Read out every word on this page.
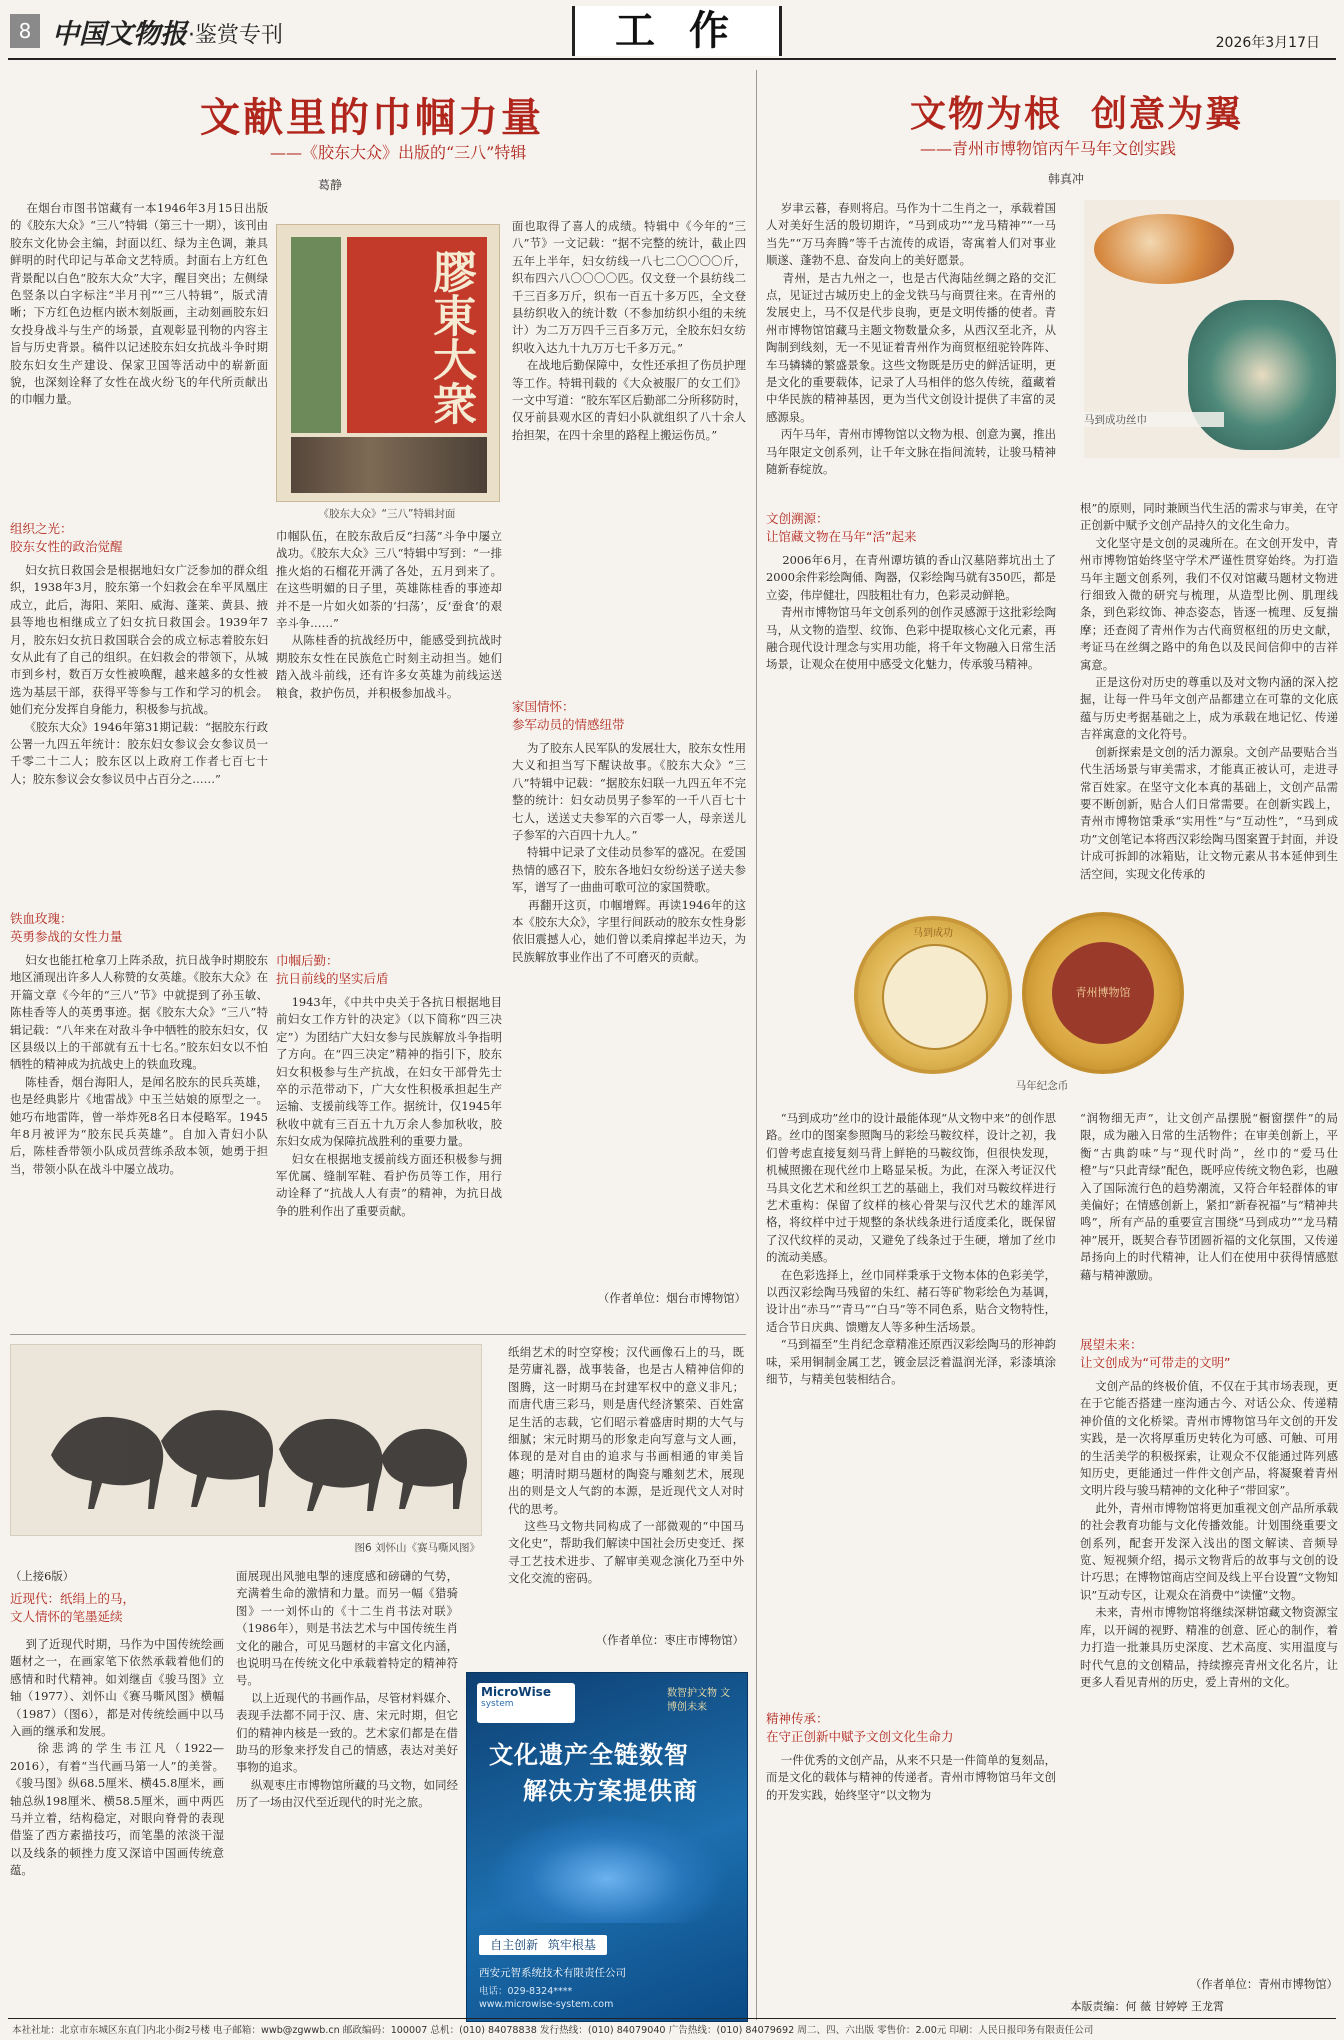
8 中国文物报 ·鉴赏专刊	工 作	2026年3月17日
文献里的巾帼力量
——《胶东大众》出版的“三八”特辑
葛静
在烟台市图书馆藏有一本1946年3月15日出版的《胶东大众》“三八”特辑（第三十一期），该刊由胶东文化协会主编，封面以红、绿为主色调，兼具鲜明的时代印记与革命文艺特质。封面右上方红色背景配以白色“胶东大众”大字，醒目突出；左侧绿色竖条以白字标注“半月刊”“三八特辑”，版式清晰；下方红色边框内嵌木刻版画，主动刻画胶东妇女投身战斗与生产的场景，直观彰显刊物的内容主旨与历史背景。稿件以记述胶东妇女抗战斗争时期胶东妇女生产建设、保家卫国等活动中的崭新面貌，也深刻诠释了女性在战火纷飞的年代所贡献出的巾帼力量。
组织之光：
胶东女性的政治觉醒
妇女抗日救国会是根据地妇女广泛参加的群众组织，1938年3月，胶东第一个妇救会在牟平凤凰庄成立，此后，海阳、莱阳、威海、蓬莱、黄县、掖县等地也相继成立了妇女抗日救国会。1939年7月，胶东妇女抗日救国联合会的成立标志着胶东妇女从此有了自己的组织。在妇救会的带领下，从城市到乡村，数百万女性被唤醒，越来越多的女性被选为基层干部，获得平等参与工作和学习的机会。她们充分发挥自身能力，积极参与抗战。
《胶东大众》1946年第31期记载：“据胶东行政公署一九四五年统计：胶东妇女参议会女参议员一千零二十二人；胶东区以上政府工作者七百七十人；胶东参议会女参议员中占百分之……”
铁血玫瑰：
英勇参战的女性力量
妇女也能扛枪拿刀上阵杀敌，抗日战争时期胶东地区涌现出许多人人称赞的女英雄。《胶东大众》在开篇文章《今年的“三八”节》中就提到了孙玉敏、陈桂香等人的英勇事迹。据《胶东大众》“三八”特辑记载：“八年来在对敌斗争中牺牲的胶东妇女，仅区县级以上的干部就有五十七名。”胶东妇女以不怕牺牲的精神成为抗战史上的铁血玫瑰。
陈桂香，烟台海阳人，是闻名胶东的民兵英雄，也是经典影片《地雷战》中玉兰姑娘的原型之一。她巧布地雷阵，曾一举炸死8名日本侵略军。1945年8月被评为“胶东民兵英雄”。自加入青妇小队后，陈桂香带领小队成员营练杀敌本领，她勇于担当，带领小队在战斗中屡立战功。
膠東大衆
《胶东大众》“三八”特辑封面
巾帼队伍，在胶东敌后反“扫荡”斗争中屡立战功。《胶东大众》三八“特辑中写到：“一排推火焰的石榴花开满了各处，五月到来了。在这些明媚的日子里，英雄陈桂香的事迹却并不是一片如火如荼的‘扫荡’，反‘蚕食’的艰辛斗争……”
从陈桂香的抗战经历中，能感受到抗战时期胶东女性在民族危亡时刻主动担当。她们踏入战斗前线，还有许多女英雄为前线运送粮食，救护伤员，并积极参加战斗。
巾帼后勤：
抗日前线的坚实后盾
1943年，《中共中央关于各抗日根据地目前妇女工作方针的决定》（以下简称“四三决定”）为团结广大妇女参与民族解放斗争指明了方向。在“四三决定”精神的指引下，胶东妇女积极参与生产抗战，在妇女干部骨先士卒的示范带动下，广大女性积极承担起生产运输、支援前线等工作。据统计，仅1945年秋收中就有三百五十九万余人参加秋收，胶东妇女成为保障抗战胜利的重要力量。
妇女在根据地支援前线方面还积极参与拥军优属、缝制军鞋、看护伤员等工作，用行动诠释了“抗战人人有责”的精神，为抗日战争的胜利作出了重要贡献。
面也取得了喜人的成绩。特辑中《今年的“三八”节》一文记载：“据不完整的统计，截止四五年上半年，妇女纺线一八七二〇〇〇〇斤，织布四六八〇〇〇〇匹。仅文登一个县纺线二千三百多万斤，织布一百五十多万匹，全文登县纺织收入的统计数（不参加纺织小组的未统计）为二万万四千三百多万元，全胶东妇女纺织收入达九十九万万七千多万元。”
在战地后勤保障中，女性还承担了伤员护理等工作。特辑刊载的《大众被服厂的女工们》一文中写道：“胶东军区后勤部二分所移防时，仅牙前县观水区的青妇小队就组织了八十余人抬担架，在四十余里的路程上搬运伤员。”
家国情怀：
参军动员的情感纽带
为了胶东人民军队的发展壮大，胶东女性用大义和担当写下醒诀故事。《胶东大众》“三八”特辑中记载：“据胶东妇联一九四五年不完整的统计：妇女动员男子参军的一千八百七十七人，送送丈夫参军的六百零一人，母亲送儿子参军的六百四十九人。”
特辑中记录了文佳动员参军的盛况。在爱国热情的感召下，胶东各地妇女纷纷送子送夫参军，谱写了一曲曲可歌可泣的家国赞歌。
再翻开这页，巾帼增辉。再读1946年的这本《胶东大众》，字里行间跃动的胶东女性身影依旧震撼人心，她们曾以柔肩撑起半边天，为民族解放事业作出了不可磨灭的贡献。
（作者单位：烟台市博物馆）
图6 刘怀山《赛马嘶风图》
（上接6版）
近现代：纸绢上的马，
文人情怀的笔墨延续
到了近现代时期，马作为中国传统绘画题材之一，在画家笔下依然承载着他们的感情和时代精神。如刘继卣《骏马图》立轴（1977）、刘怀山《赛马嘶风图》横幅（1987）（图6），都是对传统绘画中以马入画的继承和发展。
徐悲鸿的学生韦江凡（1922—2016），有着“当代画马第一人”的美誉。《骏马图》纵68.5厘米、横45.8厘米，画轴总纵198厘米、横58.5厘米，画中两匹马并立着，结构稳定，对眼向脊骨的表现借鉴了西方素描技巧，而笔墨的浓淡干湿以及线条的顿挫力度又深谙中国画传统意蕴。
面展现出风驰电掣的速度感和磅礴的气势，充满着生命的激情和力量。而另一幅《猎骑图》一一刘怀山的《十二生肖书法对联》（1986年），则是书法艺术与中国传统生肖文化的融合，可见马题材的丰富文化内涵，也说明马在传统文化中承载着特定的精神符号。
以上近现代的书画作品，尽管材料媒介、表现手法都不同于汉、唐、宋元时期，但它们的精神内核是一致的。艺术家们都是在借助马的形象来抒发自己的情感，表达对美好事物的追求。
纵观枣庄市博物馆所藏的马文物，如同经历了一场由汉代至近现代的时光之旅。
纸绢艺术的时空穿梭；汉代画像石上的马，既是劳庸礼器，战事装备，也是古人精神信仰的图腾，这一时期马在封建军权中的意义非凡；而唐代唐三彩马，则是唐代经济繁荣、百姓富足生活的志载，它们昭示着盛唐时期的大气与细腻；宋元时期马的形象走向写意与文人画，体现的是对自由的追求与书画相通的审美旨趣；明清时期马题材的陶瓷与雕刻艺术，展现出的则是文人气韵的本源，是近现代文人对时代的思考。
这些马文物共同构成了一部微观的“中国马文化史”，帮助我们解读中国社会历史变迁、探寻工艺技术进步、了解审美观念演化乃至中外文化交流的密码。
（作者单位：枣庄市博物馆）
MicroWise
system
数智护文物 文博创未来
文化遗产全链数智
解决方案提供商
自主创新 筑牢根基
西安元智系统技术有限责任公司
电话：029-8324****
www.microwise-system.com
文物为根  创意为翼
——青州市博物馆丙午马年文创实践
韩真冲
岁聿云暮，春则将启。马作为十二生肖之一，承载着国人对美好生活的殷切期许，“马到成功”“龙马精神”“一马当先”“万马奔腾”等千古流传的成语，寄寓着人们对事业顺遂、蓬勃不息、奋发向上的美好愿景。
青州，是古九州之一，也是古代海陆丝绸之路的交汇点，见证过古城历史上的金戈铁马与商贾往来。在青州的发展史上，马不仅是代步良驹，更是文明传播的使者。青州市博物馆馆藏马主题文物数量众多，从西汉至北齐，从陶制到线刻，无一不见证着青州作为商贸枢纽驼铃阵阵、车马辚辚的繁盛景象。这些文物既是历史的鲜活证明，更是文化的重要载体，记录了人马相伴的悠久传统，蕴藏着中华民族的精神基因，更为当代文创设计提供了丰富的灵感源泉。
丙午马年，青州市博物馆以文物为根、创意为翼，推出马年限定文创系列，让千年文脉在指间流转，让骏马精神随新春绽放。
文创溯源：
让馆藏文物在马年“活”起来
2006年6月，在青州谭坊镇的香山汉墓陪葬坑出土了2000余件彩绘陶俑、陶器，仅彩绘陶马就有350匹，都是立姿，伟岸健壮，四肢粗壮有力，色彩灵动鲜艳。
青州市博物馆马年文创系列的创作灵感源于这批彩绘陶马，从文物的造型、纹饰、色彩中提取核心文化元素，再融合现代设计理念与实用功能，将千年文物融入日常生活场景，让观众在使用中感受文化魅力，传承骏马精神。
马到成功丝巾
根”的原则，同时兼顾当代生活的需求与审美，在守正创新中赋予文创产品持久的文化生命力。
文化坚守是文创的灵魂所在。在文创开发中，青州市博物馆始终坚守学术严谨性贯穿始终。为打造马年主题文创系列，我们不仅对馆藏马题材文物进行细致入微的研究与梳理，从造型比例、肌理线条，到色彩纹饰、神态姿态，皆逐一梳理、反复揣摩；还查阅了青州作为古代商贸枢纽的历史文献，考证马在丝绸之路中的角色以及民间信仰中的吉祥寓意。
正是这份对历史的尊重以及对文物内涵的深入挖掘，让每一件马年文创产品都建立在可靠的文化底蕴与历史考据基础之上，成为承载在地记忆、传递吉祥寓意的文化符号。
创新探索是文创的活力源泉。文创产品要贴合当代生活场景与审美需求，才能真正被认可，走进寻常百姓家。在坚守文化本真的基础上，文创产品需要不断创新，贴合人们日常需要。在创新实践上，青州市博物馆秉承“实用性”与“互动性”，“马到成功”文创笔记本将西汉彩绘陶马图案置于封面，并设计成可拆卸的冰箱贴，让文物元素从书本延伸到生活空间，实现文化传承的
马到成功
青州博物馆
马年纪念币
“马到成功”丝巾的设计最能体现“从文物中来”的创作思路。丝巾的图案参照陶马的彩绘马鞍纹样，设计之初，我们曾考虑直接复刻马背上鲜艳的马鞍纹饰，但很快发现，机械照搬在现代丝巾上略显呆板。为此，在深入考证汉代马具文化艺术和丝织工艺的基础上，我们对马鞍纹样进行艺术重构：保留了纹样的核心骨架与汉代艺术的雄浑风格，将纹样中过于规整的条状线条进行适度柔化，既保留了汉代纹样的灵动，又避免了线条过于生硬，增加了丝巾的流动美感。
在色彩选择上，丝巾同样秉承于文物本体的色彩美学，以西汉彩绘陶马残留的朱红、赭石等矿物彩绘色为基调，设计出“赤马”“青马”“白马”等不同色系，贴合文物特性，适合节日庆典、馈赠友人等多种生活场景。
“马到福至”生肖纪念章精准还原西汉彩绘陶马的形神韵味，采用铜制金属工艺，镀金层泛着温润光泽，彩漆填涂细节，与精美包装相结合。
精神传承：
在守正创新中赋予文创文化生命力
一件优秀的文创产品，从来不只是一件简单的复刻品，而是文化的载体与精神的传递者。青州市博物馆马年文创的开发实践，始终坚守“以文物为
“润物细无声”，让文创产品摆脱“橱窗摆件”的局限，成为融入日常的生活物件；在审美创新上，平衡“古典韵味”与“现代时尚”，丝巾的“爱马仕橙”与“只此青绿”配色，既呼应传统文物色彩，也融入了国际流行色的趋势潮流，又符合年轻群体的审美偏好；在情感创新上，紧扣“新春祝福”与“精神共鸣”，所有产品的重要宣言围绕“马到成功”“龙马精神”展开，既契合春节团圆祈福的文化氛围，又传递昂扬向上的时代精神，让人们在使用中获得情感慰藉与精神激励。
展望未来：
让文创成为“可带走的文明”
文创产品的终极价值，不仅在于其市场表现，更在于它能否搭建一座沟通古今、对话公众、传递精神价值的文化桥梁。青州市博物馆马年文创的开发实践，是一次将厚重历史转化为可感、可触、可用的生活美学的积极探索，让观众不仅能通过阵列感知历史，更能通过一件件文创产品，将凝聚着青州文明片段与骏马精神的文化种子“带回家”。
此外，青州市博物馆将更加重视文创产品所承载的社会教育功能与文化传播效能。计划围绕重要文创系列，配套开发深入浅出的图文解读、音频导览、短视频介绍，揭示文物背后的故事与文创的设计巧思；在博物馆商店空间及线上平台设置“文物知识”互动专区，让观众在消费中“读懂”文物。
未来，青州市博物馆将继续深耕馆藏文物资源宝库，以开阔的视野、精准的创意、匠心的制作，着力打造一批兼具历史深度、艺术高度、实用温度与时代气息的文创精品，持续擦亮青州文化名片，让更多人看见青州的历史，爱上青州的文化。
（作者单位：青州市博物馆）
本版责编：何 薇 甘婷婷 王龙霄
本社社址：北京市东城区东直门内北小街2号楼 电子邮箱：wwb@zgwwb.cn 邮政编码：100007 总机：(010) 84078838 发行热线：(010) 84079040 广告热线：(010) 84079692 周二、四、六出版 零售价：2.00元 印刷：人民日报印务有限责任公司
